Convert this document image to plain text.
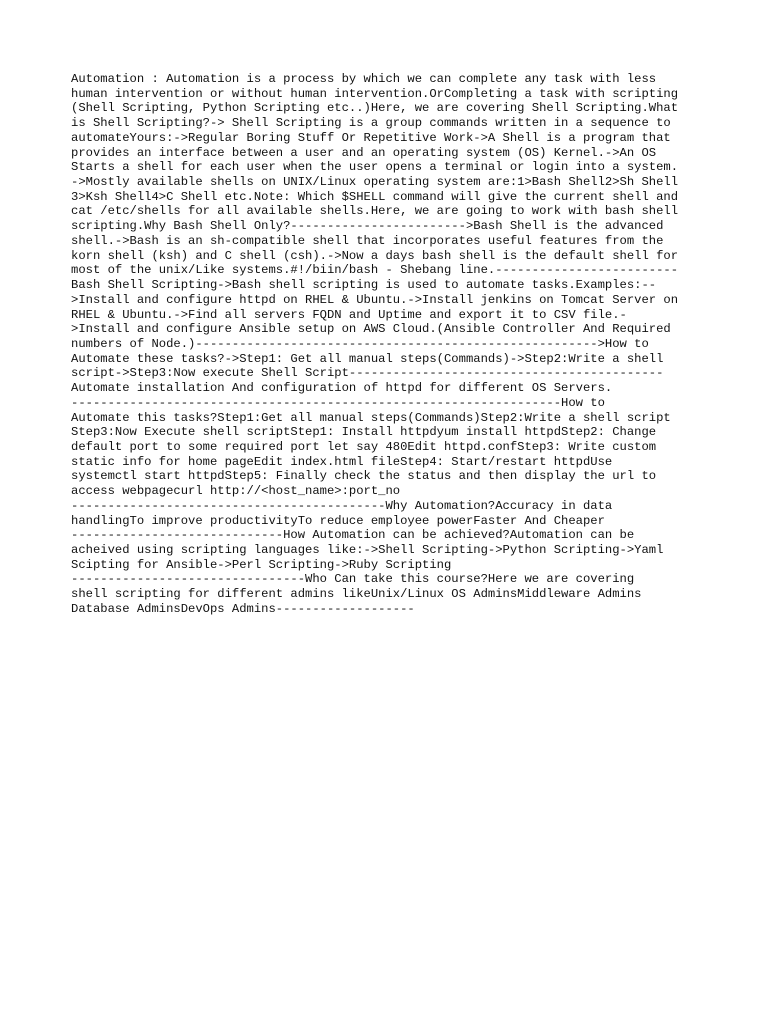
Automation : Automation is a process by which we can complete any task with less
human intervention or without human intervention.OrCompleting a task with scripting
(Shell Scripting, Python Scripting etc..)Here, we are covering Shell Scripting.What
is Shell Scripting?-> Shell Scripting is a group commands written in a sequence to
automateYours:->Regular Boring Stuff Or Repetitive Work->A Shell is a program that
provides an interface between a user and an operating system (OS) Kernel.->An OS
Starts a shell for each user when the user opens a terminal or login into a system.
->Mostly available shells on UNIX/Linux operating system are:1>Bash Shell2>Sh Shell
3>Ksh Shell4>C Shell etc.Note: Which $SHELL command will give the current shell and
cat /etc/shells for all available shells.Here, we are going to work with bash shell
scripting.Why Bash Shell Only?------------------------>Bash Shell is the advanced
shell.->Bash is an sh-compatible shell that incorporates useful features from the
korn shell (ksh) and C shell (csh).->Now a days bash shell is the default shell for
most of the unix/Like systems.#!/biin/bash - Shebang line.-------------------------
Bash Shell Scripting->Bash shell scripting is used to automate tasks.Examples:--
>Install and configure httpd on RHEL & Ubuntu.->Install jenkins on Tomcat Server on
RHEL & Ubuntu.->Find all servers FQDN and Uptime and export it to CSV file.-
>Install and configure Ansible setup on AWS Cloud.(Ansible Controller And Required
numbers of Node.)------------------------------------------------------->How to
Automate these tasks?->Step1: Get all manual steps(Commands)->Step2:Write a shell
script->Step3:Now execute Shell Script-------------------------------------------
Automate installation And configuration of httpd for different OS Servers.
-------------------------------------------------------------------How to
Automate this tasks?Step1:Get all manual steps(Commands)Step2:Write a shell script
Step3:Now Execute shell scriptStep1: Install httpdyum install httpdStep2: Change
default port to some required port let say 480Edit httpd.confStep3: Write custom
static info for home pageEdit index.html fileStep4: Start/restart httpdUse
systemctl start httpdStep5: Finally check the status and then display the url to
access webpagecurl http://<host_name>:port_no
-------------------------------------------Why Automation?Accuracy in data
handlingTo improve productivityTo reduce employee powerFaster And Cheaper
-----------------------------How Automation can be achieved?Automation can be
acheived using scripting languages like:->Shell Scripting->Python Scripting->Yaml
Scipting for Ansible->Perl Scripting->Ruby Scripting
--------------------------------Who Can take this course?Here we are covering
shell scripting for different admins likeUnix/Linux OS AdminsMiddleware Admins
Database AdminsDevOps Admins-------------------
